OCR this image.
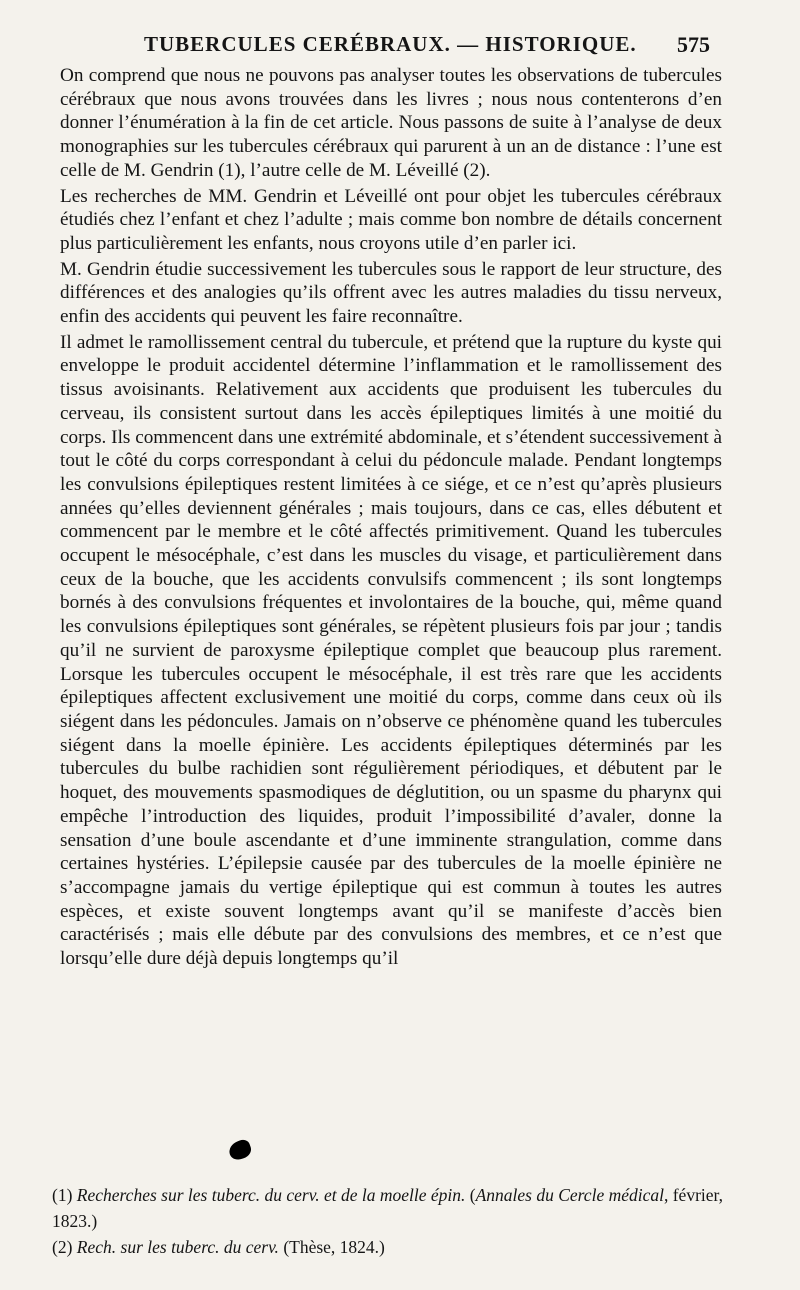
TUBERCULES CERÉBRAUX. — HISTORIQUE. 575

On comprend que nous ne pouvons pas analyser toutes les observations de tubercules cérébraux que nous avons trouvées dans les livres ; nous nous contenterons d’en donner l’énumération à la fin de cet article. Nous passons de suite à l’analyse de deux monographies sur les tubercules cérébraux qui parurent à un an de distance : l’une est celle de M. Gendrin (1), l’autre celle de M. Léveillé (2).

Les recherches de MM. Gendrin et Léveillé ont pour objet les tubercules cérébraux étudiés chez l’enfant et chez l’adulte ; mais comme bon nombre de détails concernent plus particulièrement les enfants, nous croyons utile d’en parler ici.

M. Gendrin étudie successivement les tubercules sous le rapport de leur structure, des différences et des analogies qu’ils offrent avec les autres maladies du tissu nerveux, enfin des accidents qui peuvent les faire reconnaître.

Il admet le ramollissement central du tubercule, et prétend que la rupture du kyste qui enveloppe le produit accidentel détermine l’inflammation et le ramollissement des tissus avoisinants. Relativement aux accidents que produisent les tubercules du cerveau, ils consistent surtout dans les accès épileptiques limités à une moitié du corps. Ils commencent dans une extrémité abdominale, et s’étendent successivement à tout le côté du corps correspondant à celui du pédoncule malade. Pendant longtemps les convulsions épileptiques restent limitées à ce siége, et ce n’est qu’après plusieurs années qu’elles deviennent générales ; mais toujours, dans ce cas, elles débutent et commencent par le membre et le côté affectés primitivement. Quand les tubercules occupent le mésocéphale, c’est dans les muscles du visage, et particulièrement dans ceux de la bouche, que les accidents convulsifs commencent ; ils sont longtemps bornés à des convulsions fréquentes et involontaires de la bouche, qui, même quand les convulsions épileptiques sont générales, se répètent plusieurs fois par jour ; tandis qu’il ne survient de paroxysme épileptique complet que beaucoup plus rarement. Lorsque les tubercules occupent le mésocéphale, il est très rare que les accidents épileptiques affectent exclusivement une moitié du corps, comme dans ceux où ils siégent dans les pédoncules. Jamais on n’observe ce phénomène quand les tubercules siégent dans la moelle épinière. Les accidents épileptiques déterminés par les tubercules du bulbe rachidien sont régulièrement périodiques, et débutent par le hoquet, des mouvements spasmodiques de déglutition, ou un spasme du pharynx qui empêche l’introduction des liquides, produit l’impossibilité d’avaler, donne la sensation d’une boule ascendante et d’une imminente strangulation, comme dans certaines hystéries. L’épilepsie causée par des tubercules de la moelle épinière ne s’accompagne jamais du vertige épileptique qui est commun à toutes les autres espèces, et existe souvent longtemps avant qu’il se manifeste d’accès bien caractérisés ; mais elle débute par des convulsions des membres, et ce n’est que lorsqu’elle dure déjà depuis longtemps qu’il

(1) Recherches sur les tuberc. du cerv. et de la moelle épin. (Annales du Cercle médical, février, 1823.)

(2) Rech. sur les tuberc. du cerv. (Thèse, 1824.)
